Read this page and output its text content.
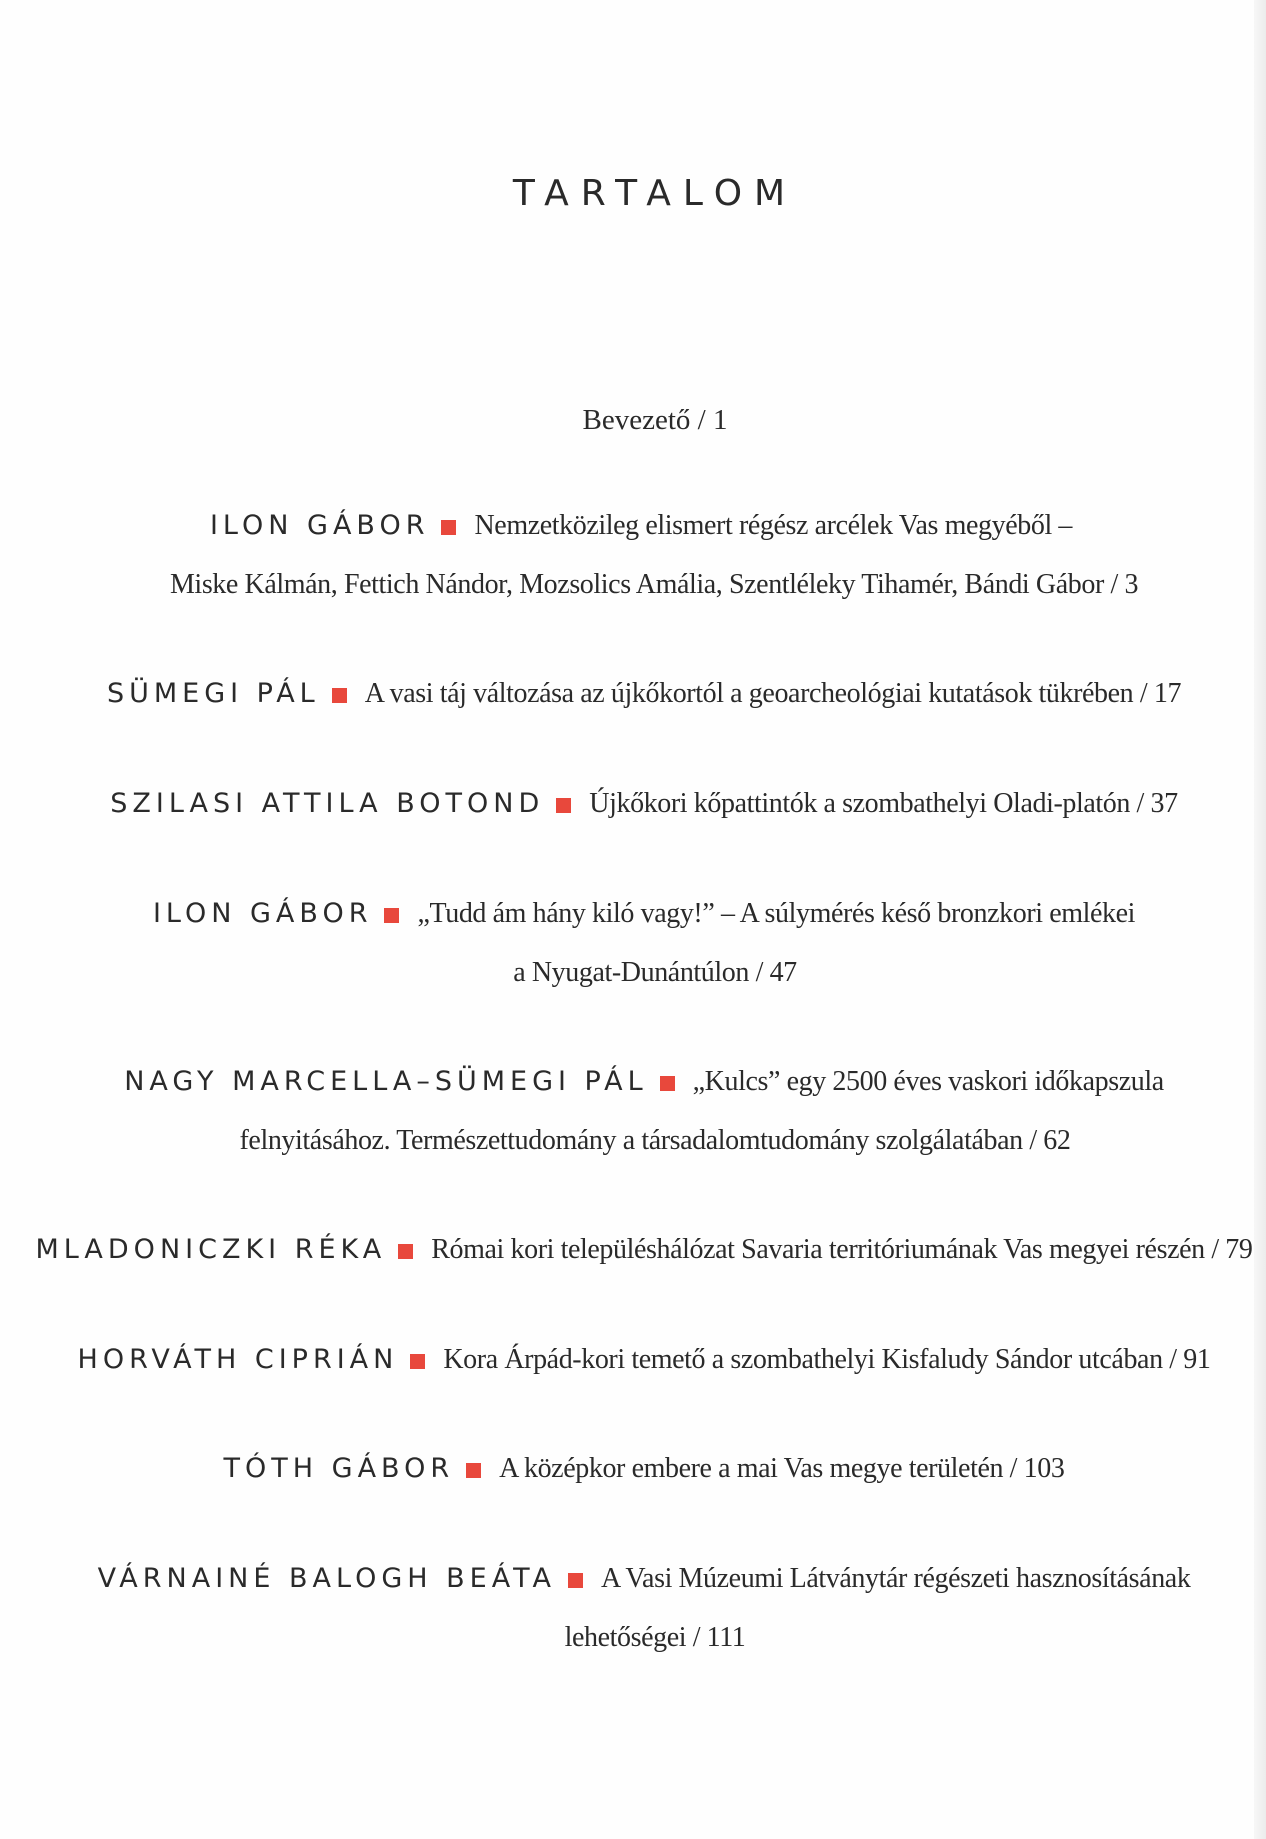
TARTALOM
Bevezető / 1
ILON GÁBOR Nemzetközileg elismert régész arcélek Vas megyéből –
Miske Kálmán, Fettich Nándor, Mozsolics Amália, Szentléleky Tihamér, Bándi Gábor / 3
SÜMEGI PÁL A vasi táj változása az újkőkortól a geoarcheológiai kutatások tükrében / 17
SZILASI ATTILA BOTOND Újkőkori kőpattintók a szombathelyi Oladi-platón / 37
ILON GÁBOR „Tudd ám hány kiló vagy!” – A súlymérés késő bronzkori emlékei
a Nyugat-Dunántúlon / 47
NAGY MARCELLA–SÜMEGI PÁL „Kulcs” egy 2500 éves vaskori időkapszula
felnyitásához. Természettudomány a társadalomtudomány szolgálatában / 62
MLADONICZKI RÉKA Római kori településhálózat Savaria territóriumának Vas megyei részén / 79
HORVÁTH CIPRIÁN Kora Árpád-kori temető a szombathelyi Kisfaludy Sándor utcában / 91
TÓTH GÁBOR A középkor embere a mai Vas megye területén / 103
VÁRNAINÉ BALOGH BEÁTA A Vasi Múzeumi Látványtár régészeti hasznosításának
lehetőségei / 111
